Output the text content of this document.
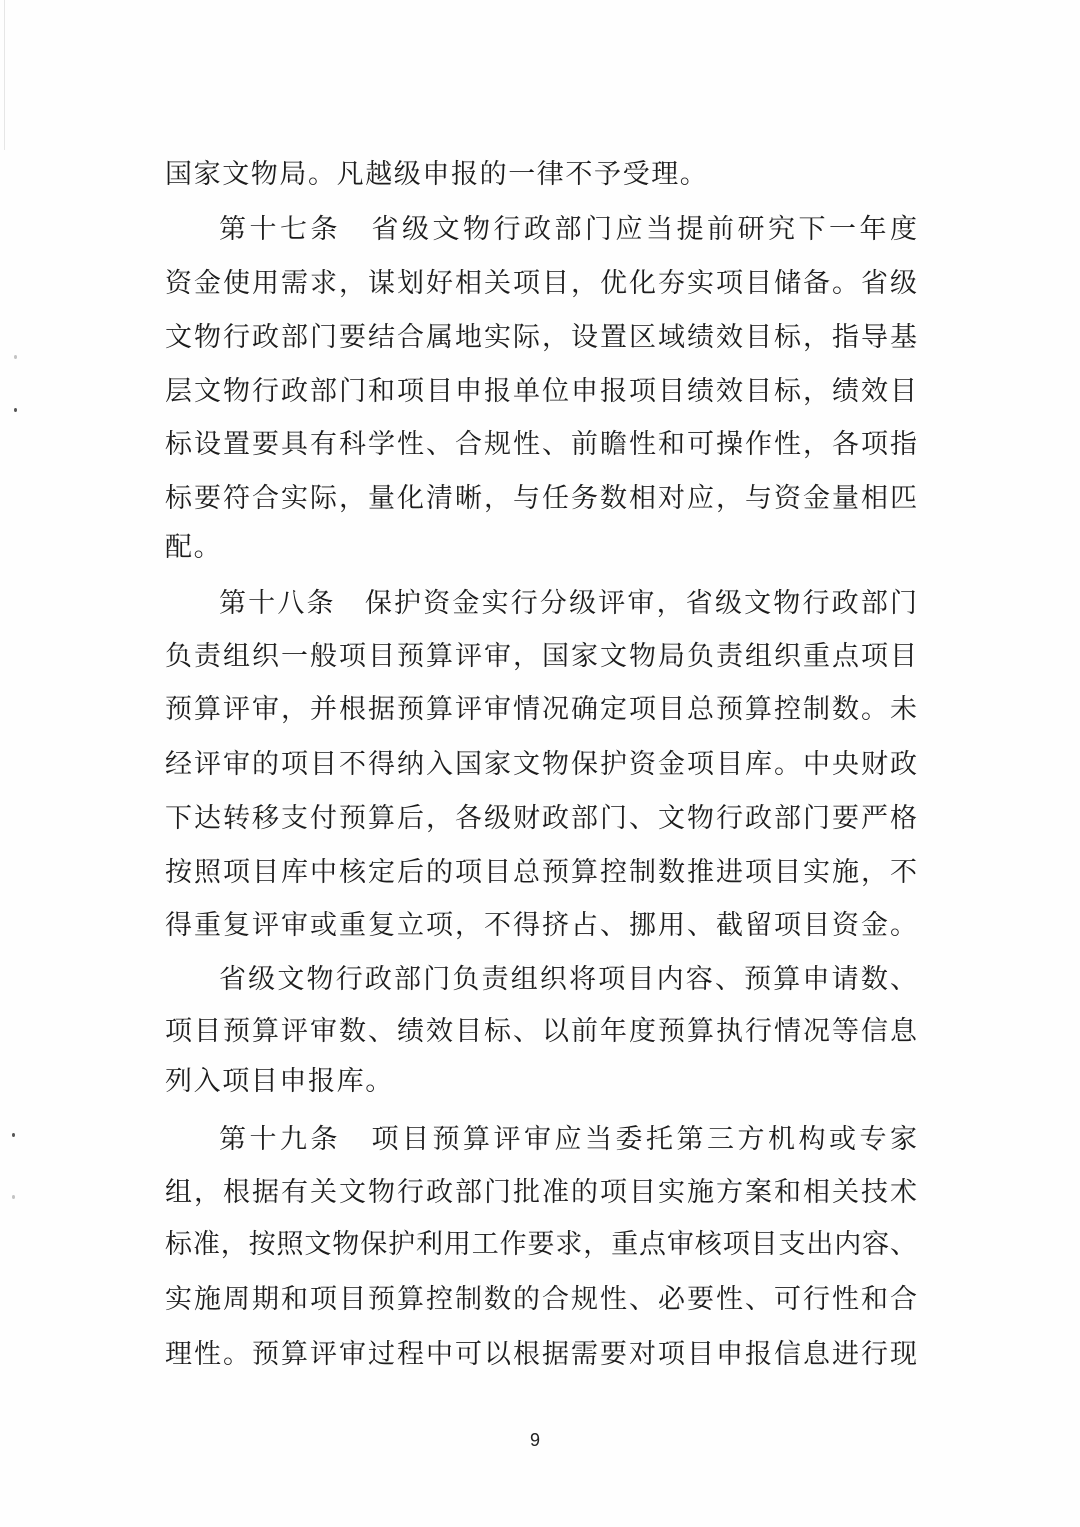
国家文物局。凡越级申报的一律不予受理。
第十七条　省级文物行政部门应当提前研究下一年度
资金使用需求，谋划好相关项目，优化夯实项目储备。省级
文物行政部门要结合属地实际，设置区域绩效目标，指导基
层文物行政部门和项目申报单位申报项目绩效目标，绩效目
标设置要具有科学性、合规性、前瞻性和可操作性，各项指
标要符合实际，量化清晰，与任务数相对应，与资金量相匹
配。
第十八条　保护资金实行分级评审，省级文物行政部门
负责组织一般项目预算评审，国家文物局负责组织重点项目
预算评审，并根据预算评审情况确定项目总预算控制数。未
经评审的项目不得纳入国家文物保护资金项目库。中央财政
下达转移支付预算后，各级财政部门、文物行政部门要严格
按照项目库中核定后的项目总预算控制数推进项目实施，不
得重复评审或重复立项，不得挤占、挪用、截留项目资金。
省级文物行政部门负责组织将项目内容、预算申请数、
项目预算评审数、绩效目标、以前年度预算执行情况等信息
列入项目申报库。
第十九条　项目预算评审应当委托第三方机构或专家
组，根据有关文物行政部门批准的项目实施方案和相关技术
标准，按照文物保护利用工作要求，重点审核项目支出内容、
实施周期和项目预算控制数的合规性、必要性、可行性和合
理性。预算评审过程中可以根据需要对项目申报信息进行现
9
